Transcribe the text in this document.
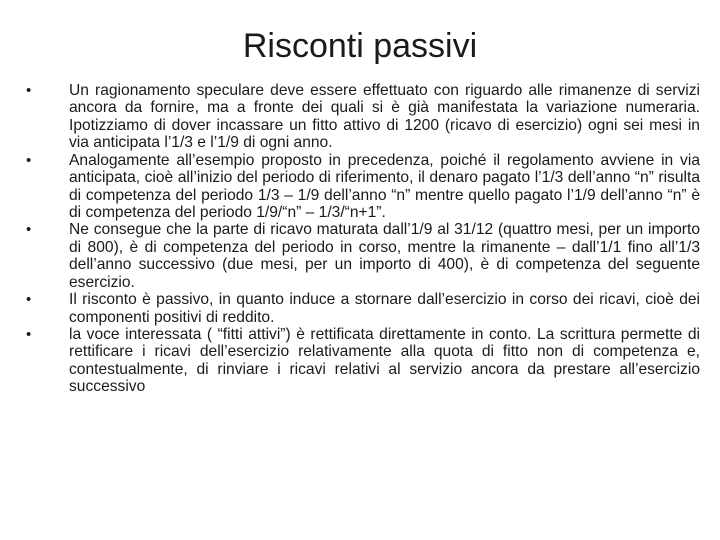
Risconti passivi
•	Un ragionamento speculare deve essere effettuato con riguardo alle rimanenze di servizi ancora da fornire, ma a fronte dei quali si è già manifestata la variazione numeraria. Ipotizziamo di dover incassare un fitto attivo di 1200 (ricavo di esercizio) ogni sei mesi in via anticipata l’1/3 e l’1/9 di ogni anno.
•	Analogamente all’esempio proposto in precedenza, poiché il regolamento avviene in via anticipata, cioè all’inizio del periodo di riferimento, il denaro pagato l’1/3 dell’anno “n” risulta di competenza del periodo 1/3 – 1/9 dell’anno “n” mentre quello pagato l’1/9 dell’anno “n” è di competenza del periodo 1/9/“n” – 1/3/“n+1”.
•	Ne consegue che la parte di ricavo maturata dall’1/9 al 31/12 (quattro mesi, per un importo di 800), è di competenza del periodo in corso, mentre la rimanente – dall’1/1 fino all’1/3 dell’anno successivo (due mesi, per un importo di 400), è di competenza del seguente esercizio.
•	Il risconto è passivo, in quanto induce a stornare dall’esercizio in corso dei ricavi, cioè dei componenti positivi di reddito.
•	la voce interessata ( “fitti attivi”) è rettificata direttamente in conto. La scrittura permette di rettificare i ricavi dell’esercizio relativamente alla quota di fitto non di competenza e, contestualmente, di rinviare i ricavi relativi al servizio ancora da prestare all’esercizio successivo
